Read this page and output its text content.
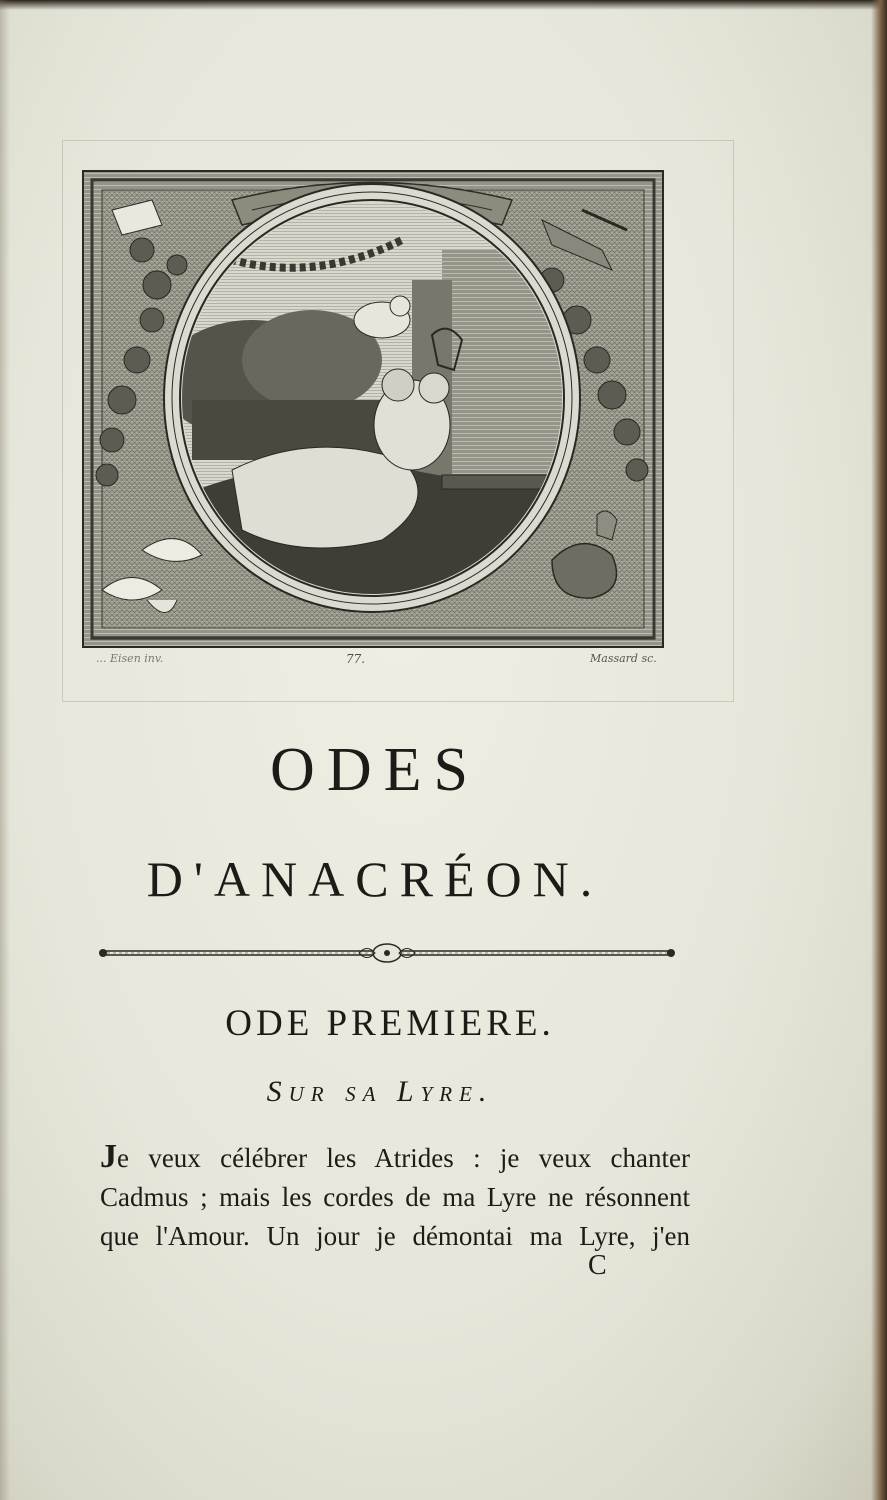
... Eisen inv.	77.	Massard sc.
ODES
D'ANACRÉON.
ODE PREMIERE.
Sur sa Lyre.
Je veux célébrer les Atrides : je veux chanter
Cadmus ; mais les cordes de ma Lyre ne résonnent
que l'Amour. Un jour je démontai ma Lyre, j'en
C
